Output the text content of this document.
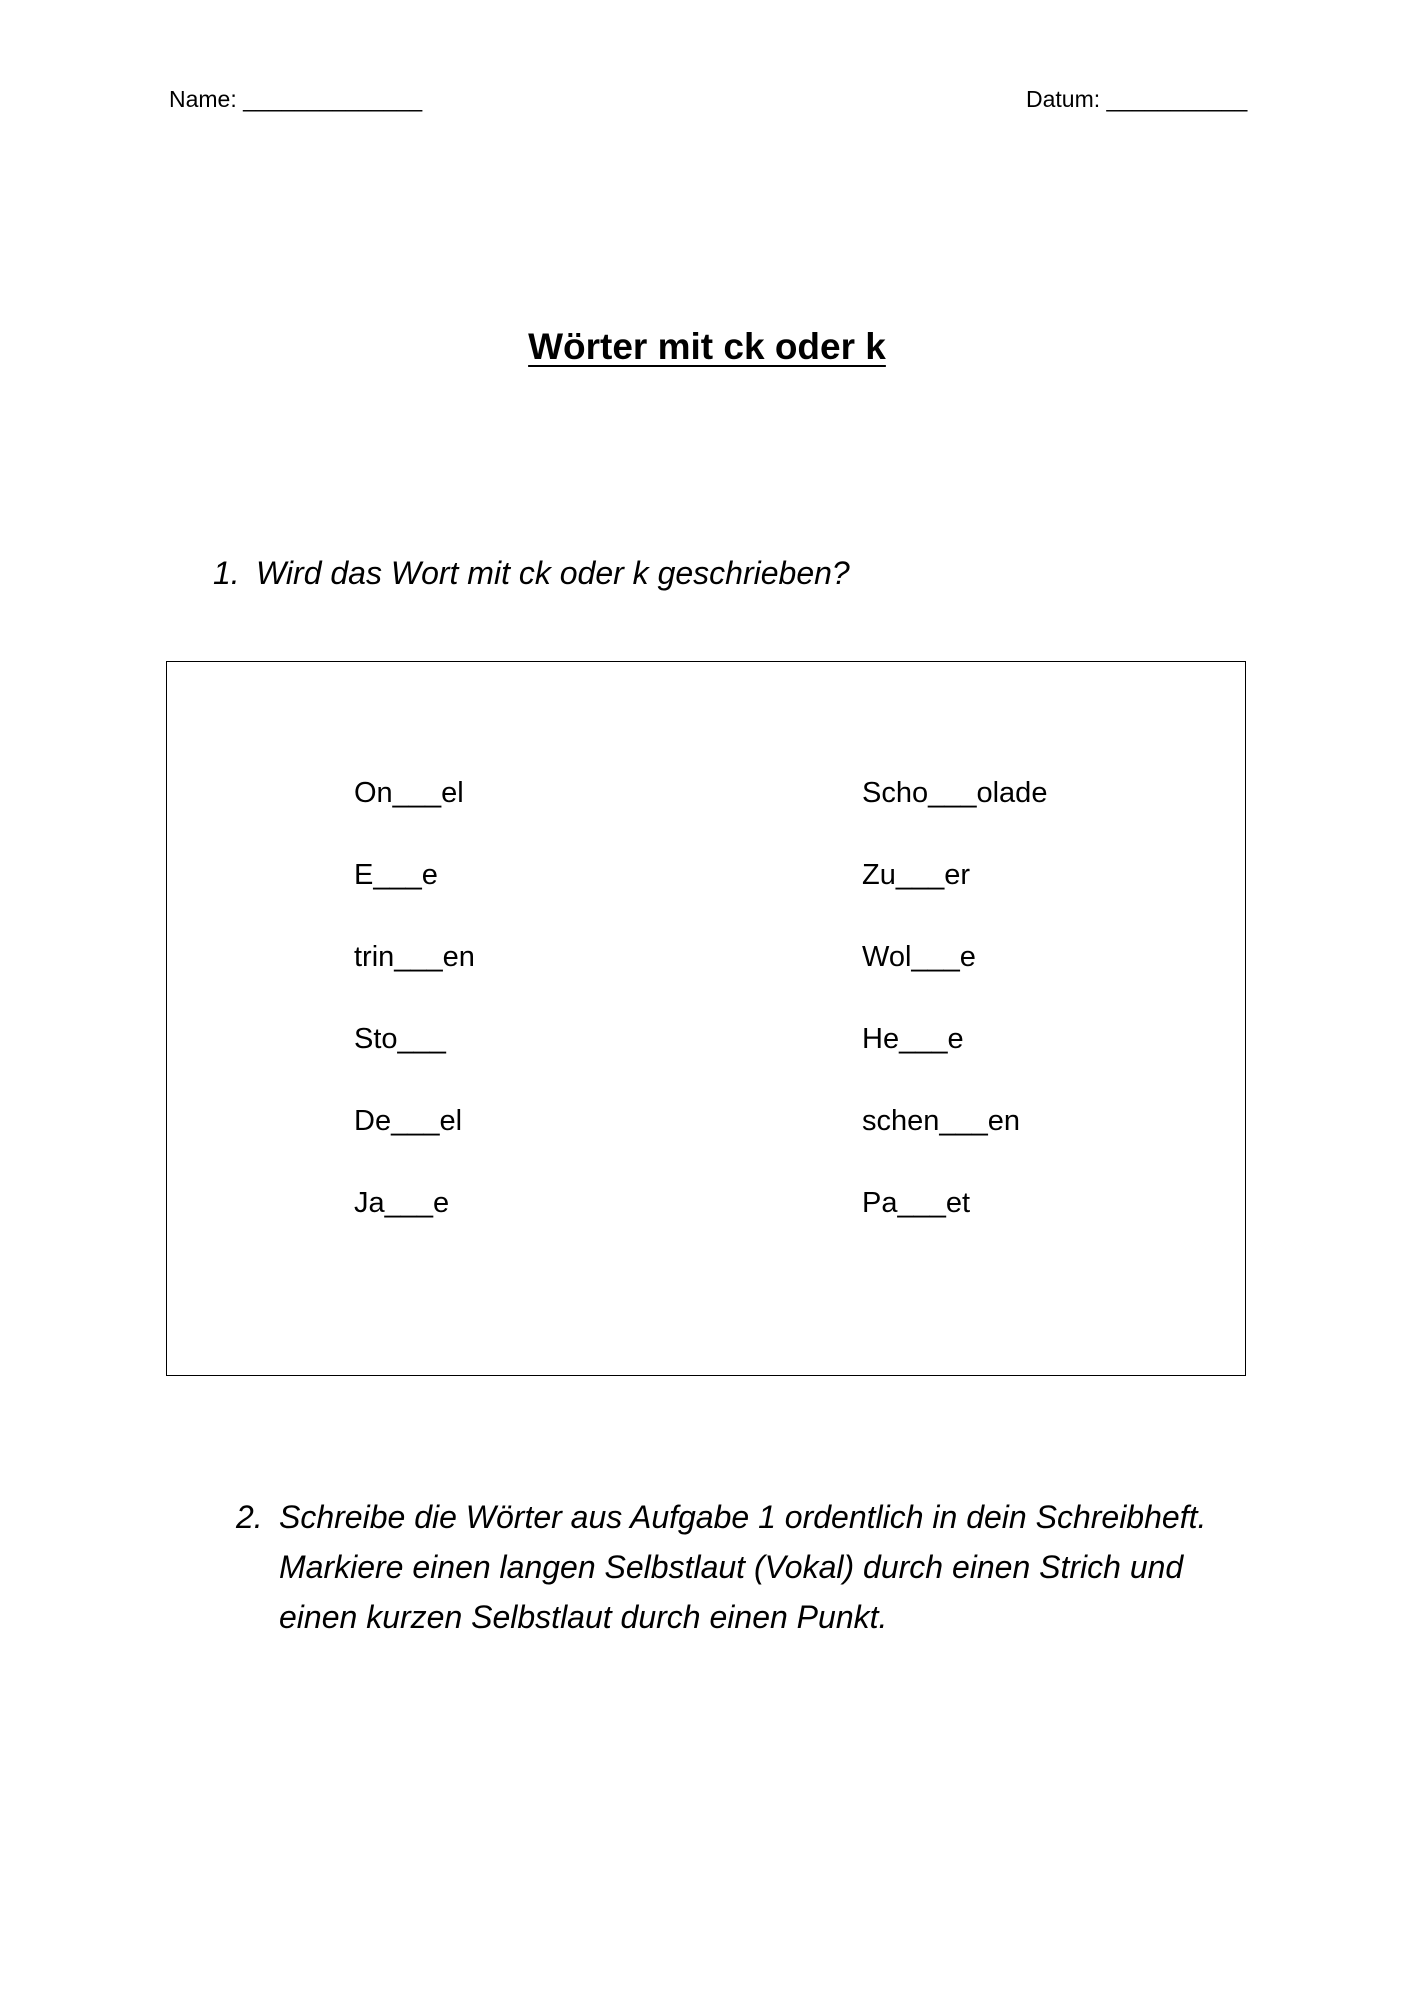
Name: ______________	Datum: ___________
Wörter mit ck oder k
1. Wird das Wort mit ck oder k geschrieben?
On___el
E___e
trin___en
Sto___
De___el
Ja___e
Scho___olade
Zu___er
Wol___e
He___e
schen___en
Pa___et
2. Schreibe die Wörter aus Aufgabe 1 ordentlich in dein Schreibheft. Markiere einen langen Selbstlaut (Vokal) durch einen Strich und einen kurzen Selbstlaut durch einen Punkt.
